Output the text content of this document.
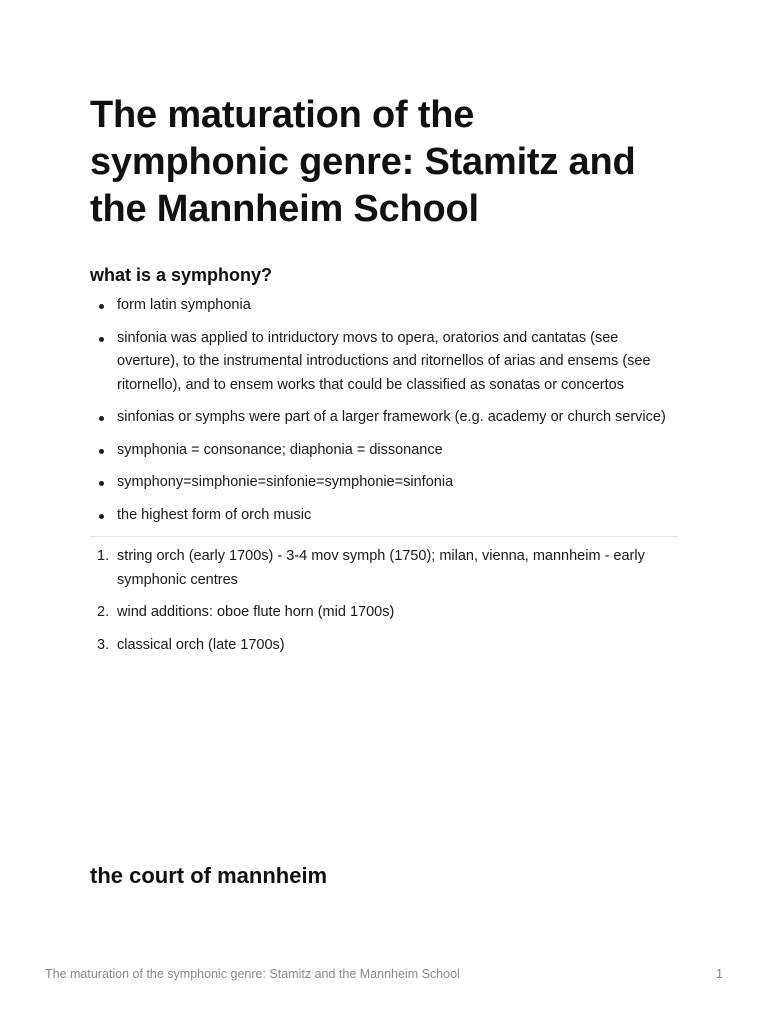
The maturation of the symphonic genre: Stamitz and the Mannheim School
what is a symphony?
form latin symphonia
sinfonia was applied to intriductory movs to opera, oratorios and cantatas (see overture), to the instrumental introductions and ritornellos of arias and ensems (see ritornello), and to ensem works that could be classified as sonatas or concertos
sinfonias or symphs were part of a larger framework (e.g. academy or church service)
symphonia = consonance; diaphonia = dissonance
symphony=simphonie=sinfonie=symphonie=sinfonia
the highest form of orch music
1. string orch (early 1700s) - 3-4 mov symph (1750); milan, vienna, mannheim - early symphonic centres
2. wind additions: oboe flute horn (mid 1700s)
3. classical orch (late 1700s)
the court of mannheim
The maturation of the symphonic genre: Stamitz and the Mannheim School	1
